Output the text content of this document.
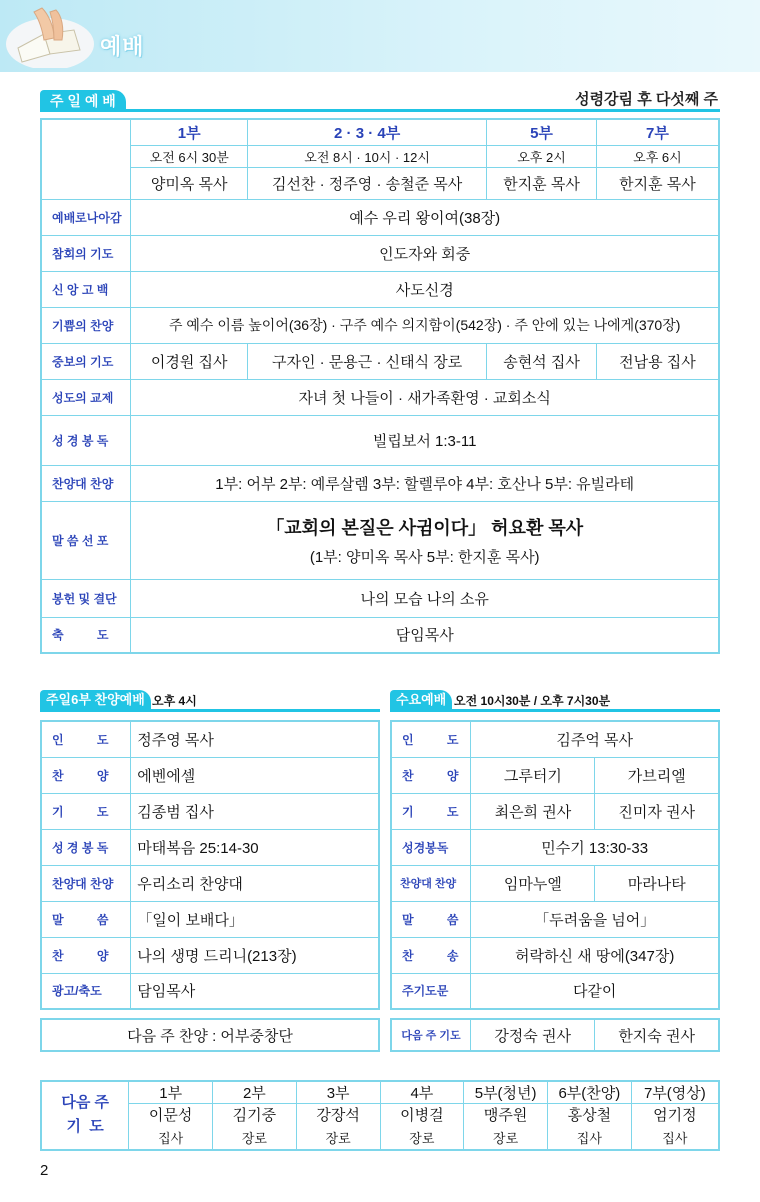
예배
주 일 예 배	성령강림 후 다섯째 주
	1부	2 · 3 · 4부	5부	7부
	오전 6시 30분	오전 8시 · 10시 · 12시	오후 2시	오후 6시
	양미옥 목사	김선찬 · 정주영 · 송철준 목사	한지훈 목사	한지훈 목사
예배로나아감	예수 우리 왕이여(38장)			
참회의 기도	인도자와 회중			
신 앙 고 백	사도신경			
기쁨의 찬양	주 예수 이름 높이어(36장) · 구주 예수 의지함이(542장) · 주 안에 있는 나에게(370장)			
중보의 기도	이경원 집사	구자인 · 문용근 · 신태식 장로	송현석 집사	전남용 집사
성도의 교제	자녀 첫 나들이 · 새가족환영 · 교회소식			
성 경 봉 독	빌립보서 1:3-11			
찬양대 찬양	1부: 어부 2부: 예루살렘 3부: 할렐루야 4부: 호산나 5부: 유빌라테			
말 씀 선 포	「교회의 본질은 사귐이다」 허요환 목사
(1부: 양미옥 목사 5부: 한지훈 목사)			

봉헌 및 결단	나의 모습 나의 소유			
축          도	담임목사			
주일6부 찬양예배 오후 4시
인          도	정주영 목사
찬          양	에벤에셀
기          도	김종범 집사
성 경 봉 독	마태복음 25:14-30
찬양대 찬양	우리소리 찬양대
말          씀	「일이 보배다」
찬          양	나의 생명 드리니(213장)
광고/축도	담임목사
다음 주 찬양 : 어부중창단
수요예배 오전 10시30분 / 오후 7시30분
인          도	김주억 목사	
찬          양	그루터기	가브리엘
기          도	최은희 권사	진미자 권사
성경봉독	민수기 13:30-33	
찬양대 찬양	임마누엘	마라나타
말          씀	「두려움을 넘어」	
찬          송	허락하신 새 땅에(347장)	
주기도문	다같이	
다음 주 기도	강정숙 권사	한지숙 권사
다음 주
기  도	1부	2부	3부	4부	5부(청년)	6부(찬양)	7부(영상)
	이문성	김기중	강장석	이병걸	맹주원	홍상철	엄기정
	집사	장로	장로	장로	장로	집사	집사
2
